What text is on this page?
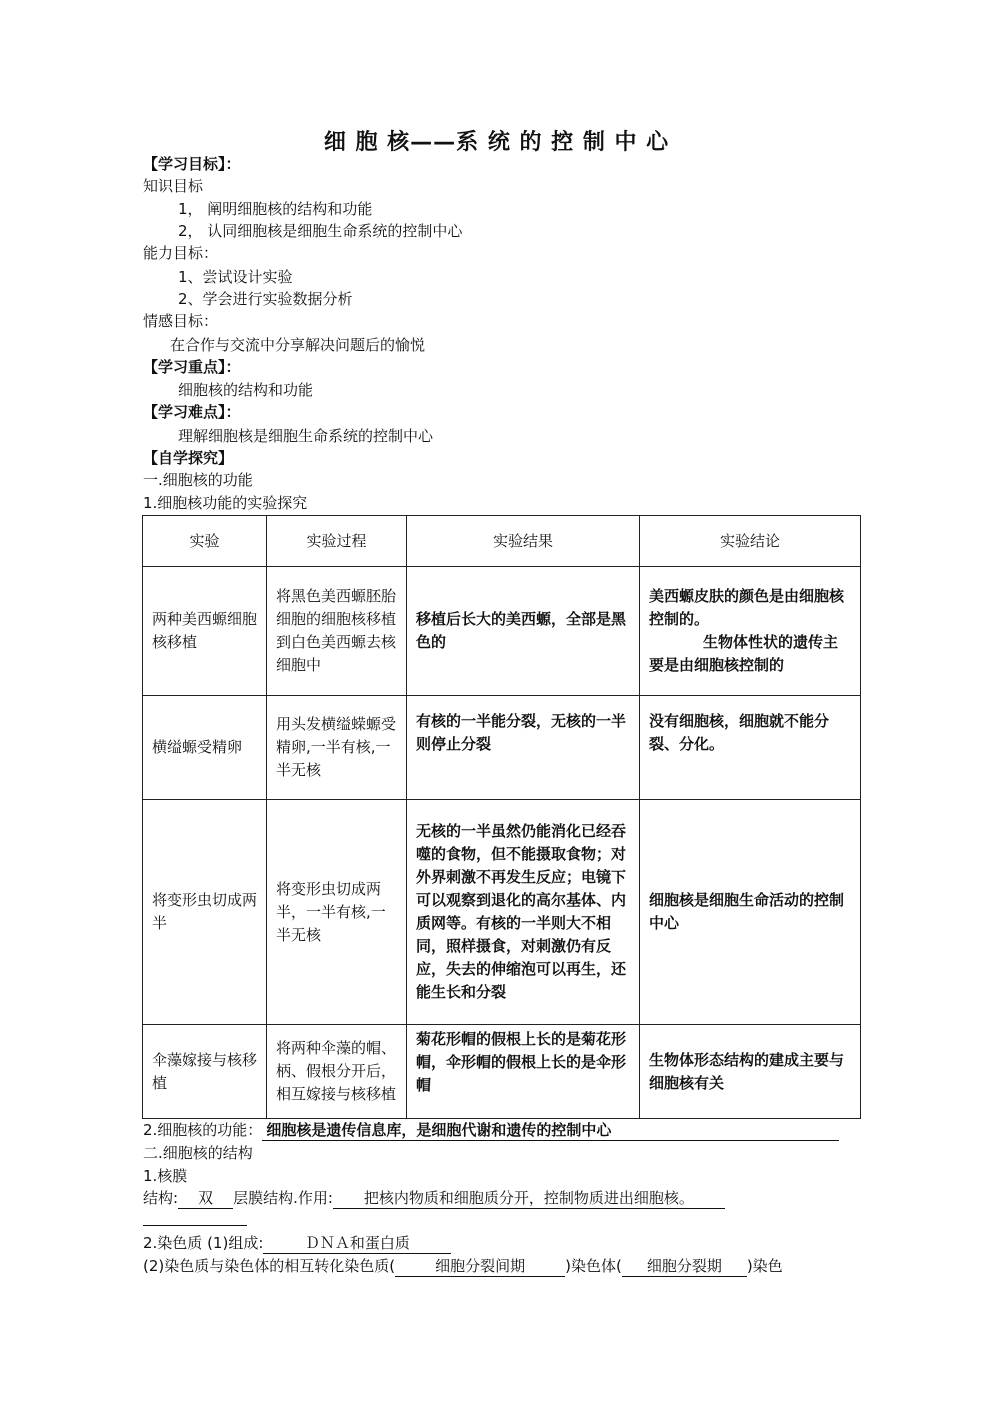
细 胞 核——系 统 的 控 制 中 心
【学习目标】：
知识目标
1， 阐明细胞核的结构和功能
2， 认同细胞核是细胞生命系统的控制中心
能力目标：
1、尝试设计实验
2、学会进行实验数据分析
情感目标：
在合作与交流中分享解决问题后的愉悦
【学习重点】：
细胞核的结构和功能
【学习难点】：
理解细胞核是细胞生命系统的控制中心
【自学探究】
一.细胞核的功能
1.细胞核功能的实验探究
实验	实验过程	实验结果	实验结论
两种美西螈细胞核移植	将黑色美西螈胚胎细胞的细胞核移植到白色美西螈去核细胞中	移植后长大的美西螈，全部是黑色的	美西螈皮肤的颜色是由细胞核控制的。
生物体性状的遗传主要是由细胞核控制的

横缢螈受精卵	用头发横缢蝾螈受精卵,一半有核,一半无核	有核的一半能分裂，无核的一半则停止分裂	没有细胞核，细胞就不能分裂、分化。
将变形虫切成两半	将变形虫切成两半，一半有核,一半无核	无核的一半虽然仍能消化已经吞噬的食物，但不能摄取食物；对外界刺激不再发生反应；电镜下可以观察到退化的高尔基体、内质网等。有核的一半则大不相同，照样摄食，对刺激仍有反应，失去的伸缩泡可以再生，还能生长和分裂	细胞核是细胞生命活动的控制中心
伞藻嫁接与核移植	将两种伞藻的帽、柄、假根分开后，相互嫁接与核移植	菊花形帽的假根上长的是菊花形帽，伞形帽的假根上长的是伞形帽	生物体形态结构的建成主要与细胞核有关
2.细胞核的功能： 细胞核是遗传信息库，是细胞代谢和遗传的控制中心
二.细胞核的结构
1.核膜
结构: 双 层膜结构.作用: 把核内物质和细胞质分开，控制物质进出细胞核。
2.染色质 (1)组成:	ＤＮＡ和蛋白质
(2)染色质与染色体的相互转化染色质(	细胞分裂间期	)染色体( 细胞分裂期 )染色
